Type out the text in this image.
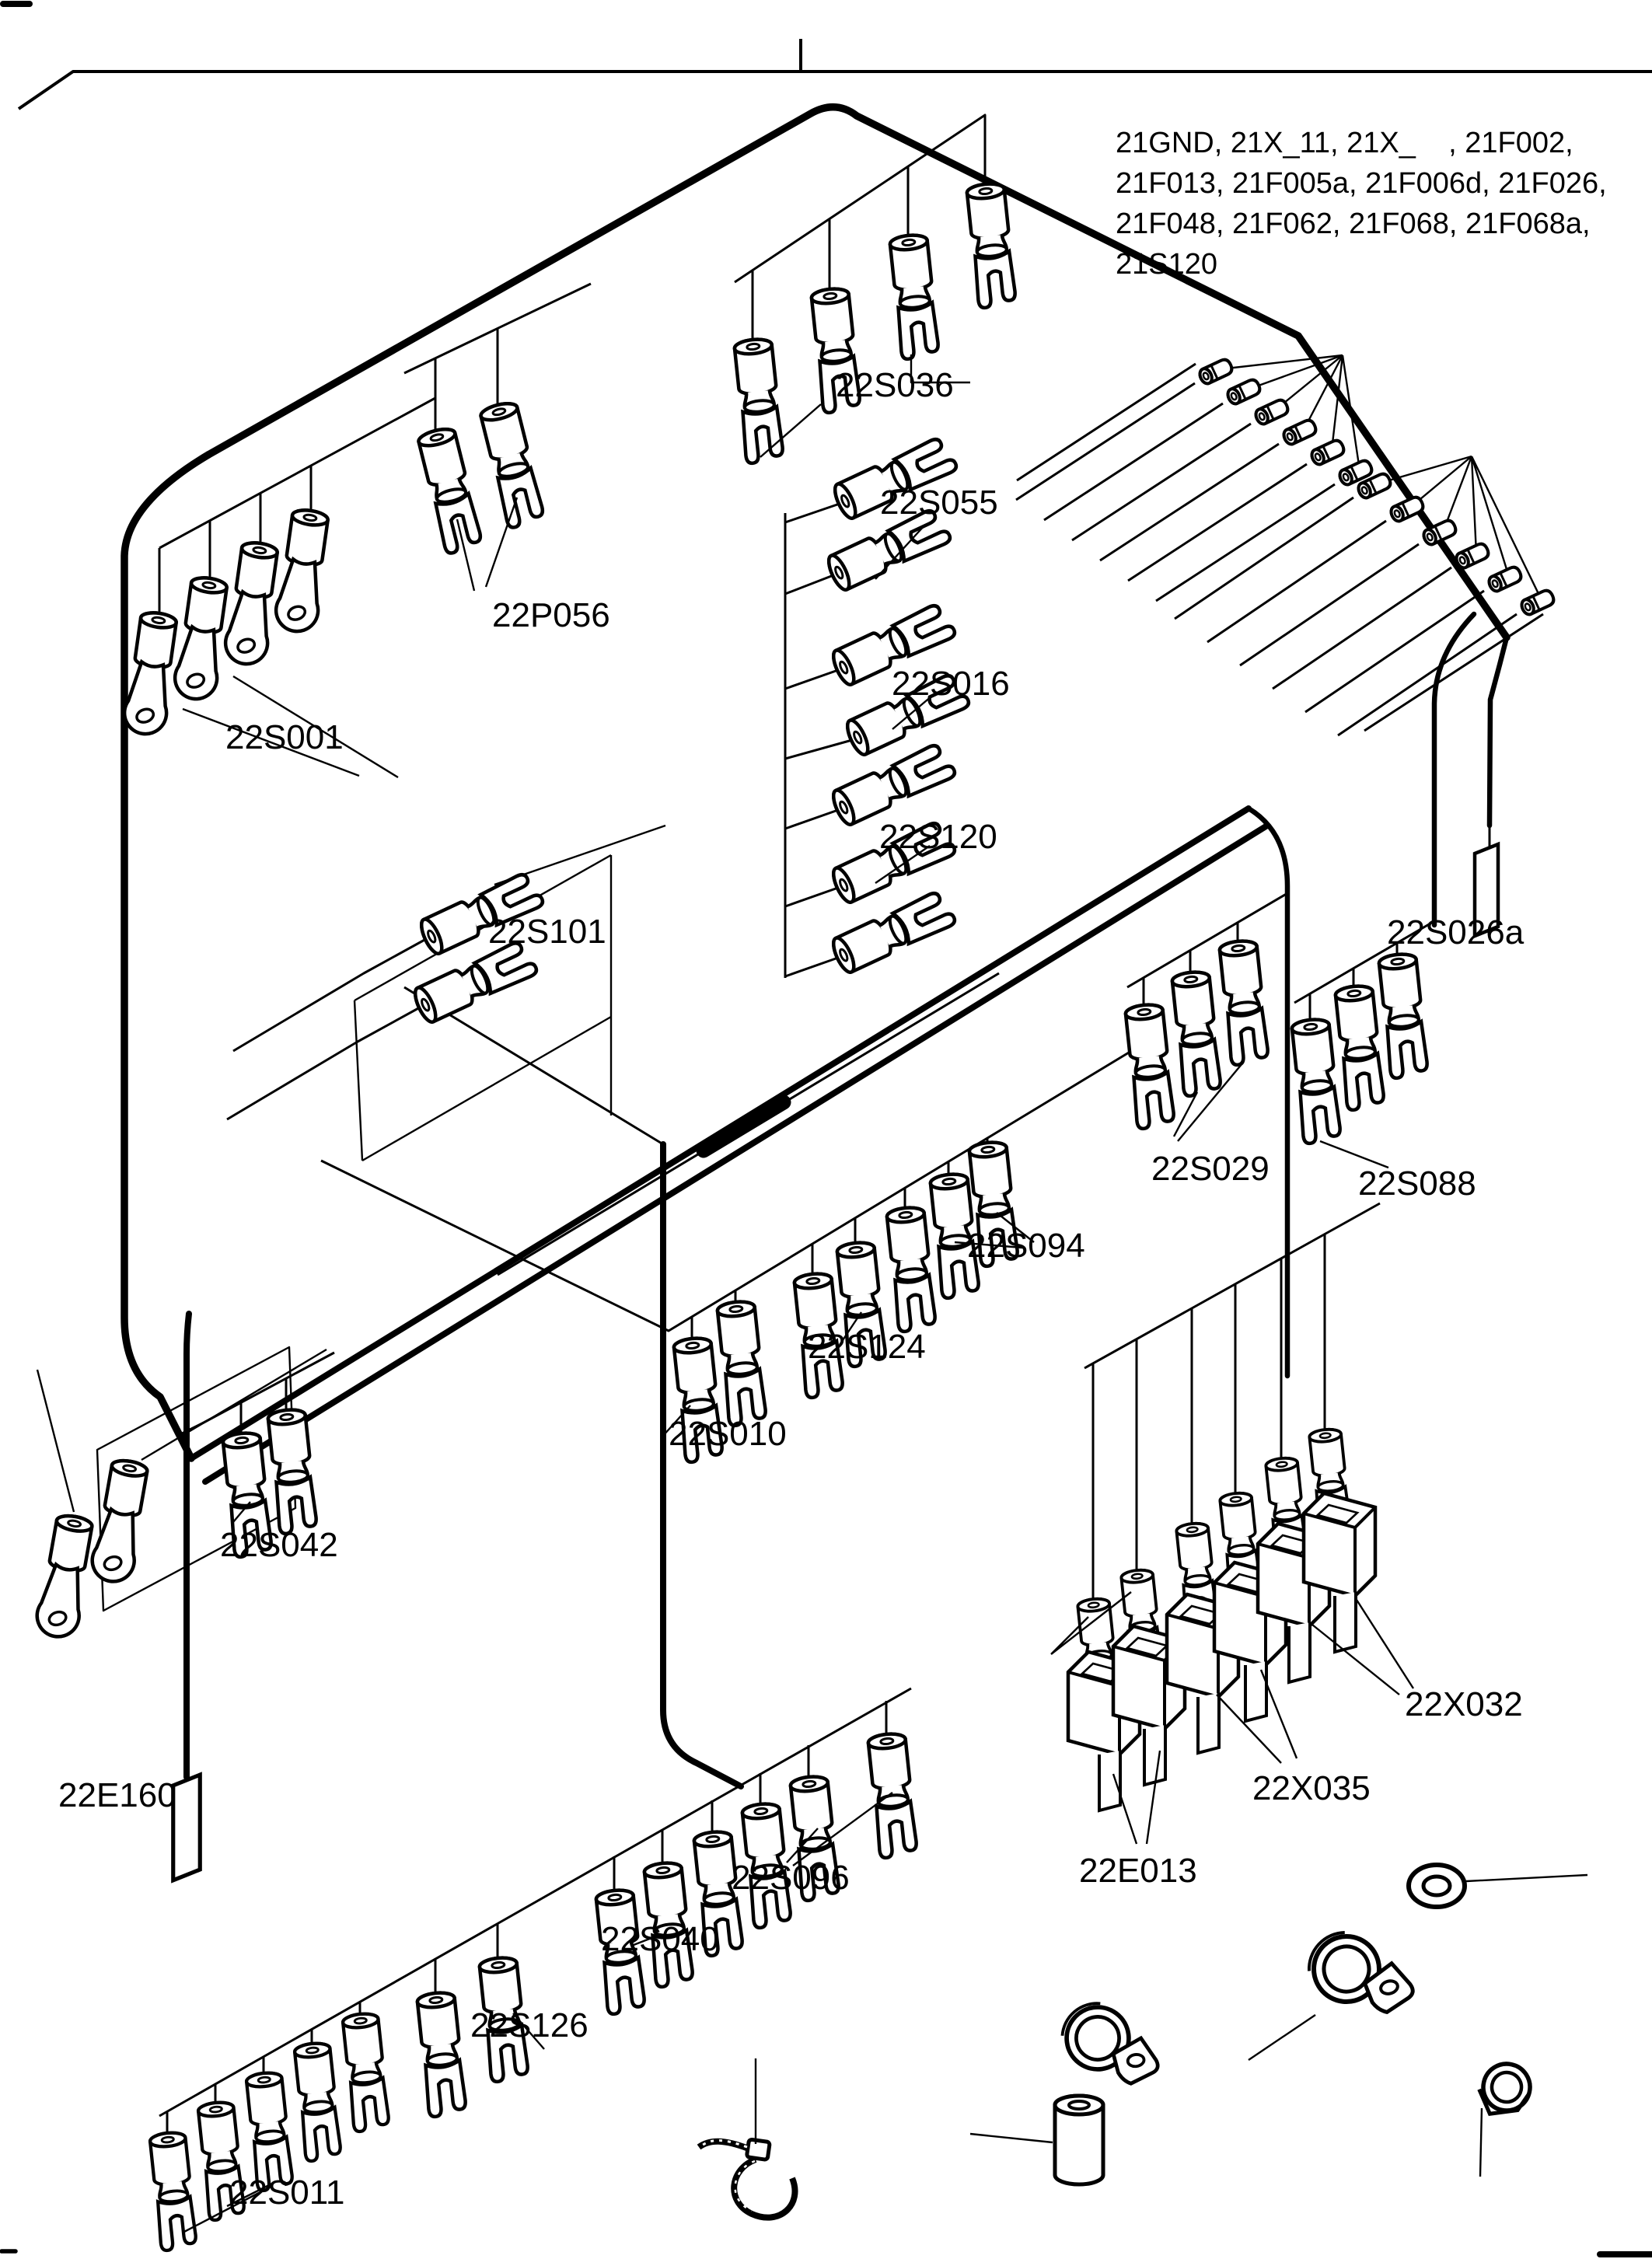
22S036
22S055
22P056
22S016
22S120
22S001
22S101	22S026a
22S029	22S088
22S094
22S124
22S010
22S042
22E160
22X032
22X035
22E013
22S096
22S040
22S126
22S011
21GND, 21X_11, 21X_    , 21F002,
21F013, 21F005a, 21F006d, 21F026,
21F048, 21F062, 21F068, 21F068a,
21S120
